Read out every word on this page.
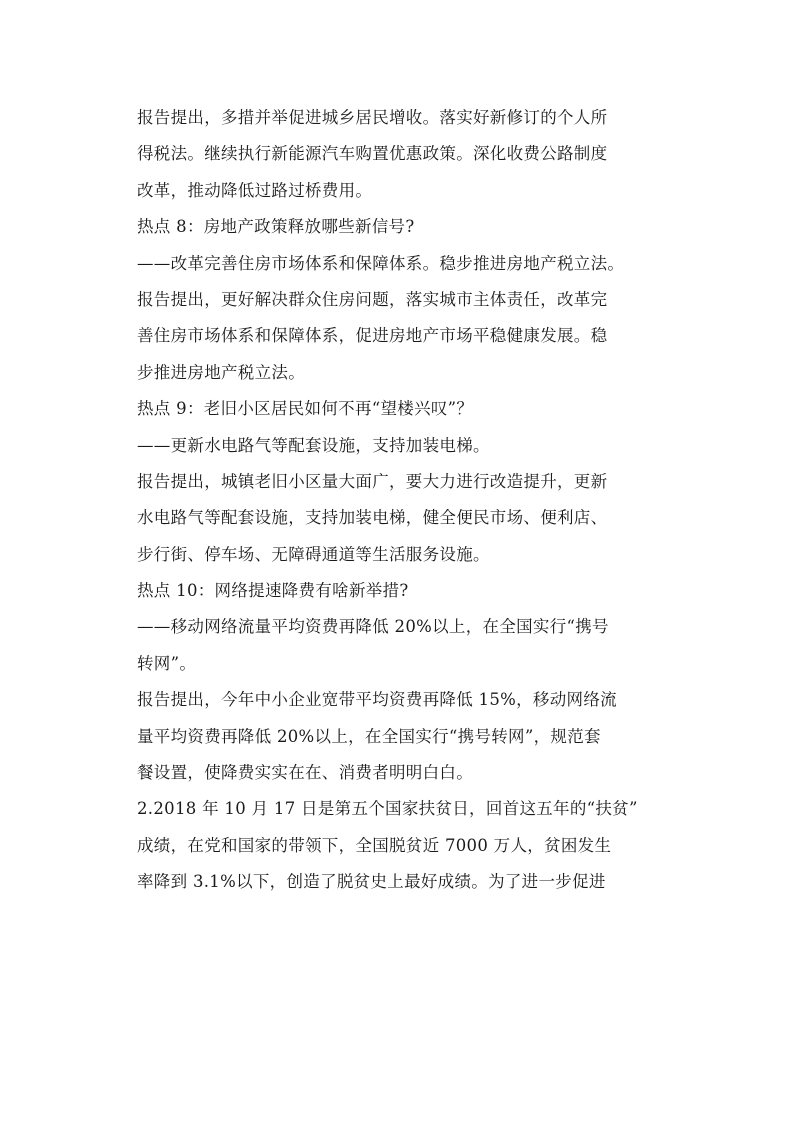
报告提出，多措并举促进城乡居民增收。落实好新修订的个人所
得税法。继续执行新能源汽车购置优惠政策。深化收费公路制度
改革，推动降低过路过桥费用。
热点 8：房地产政策释放哪些新信号?
——改革完善住房市场体系和保障体系。稳步推进房地产税立法。
报告提出，更好解决群众住房问题，落实城市主体责任，改革完
善住房市场体系和保障体系，促进房地产市场平稳健康发展。稳
步推进房地产税立法。
热点 9：老旧小区居民如何不再“望楼兴叹”？
——更新水电路气等配套设施，支持加装电梯。
报告提出，城镇老旧小区量大面广，要大力进行改造提升，更新
水电路气等配套设施，支持加装电梯，健全便民市场、便利店、
步行街、停车场、无障碍通道等生活服务设施。
热点 10：网络提速降费有啥新举措?
——移动网络流量平均资费再降低 20%以上，在全国实行“携号
转网”。
报告提出，今年中小企业宽带平均资费再降低 15%，移动网络流
量平均资费再降低 20%以上，在全国实行“携号转网”，规范套
餐设置，使降费实实在在、消费者明明白白。
2.2018 年 10 月 17 日是第五个国家扶贫日，回首这五年的“扶贫”
成绩，在党和国家的带领下，全国脱贫近 7000 万人，贫困发生
率降到 3.1%以下，创造了脱贫史上最好成绩。为了进一步促进
